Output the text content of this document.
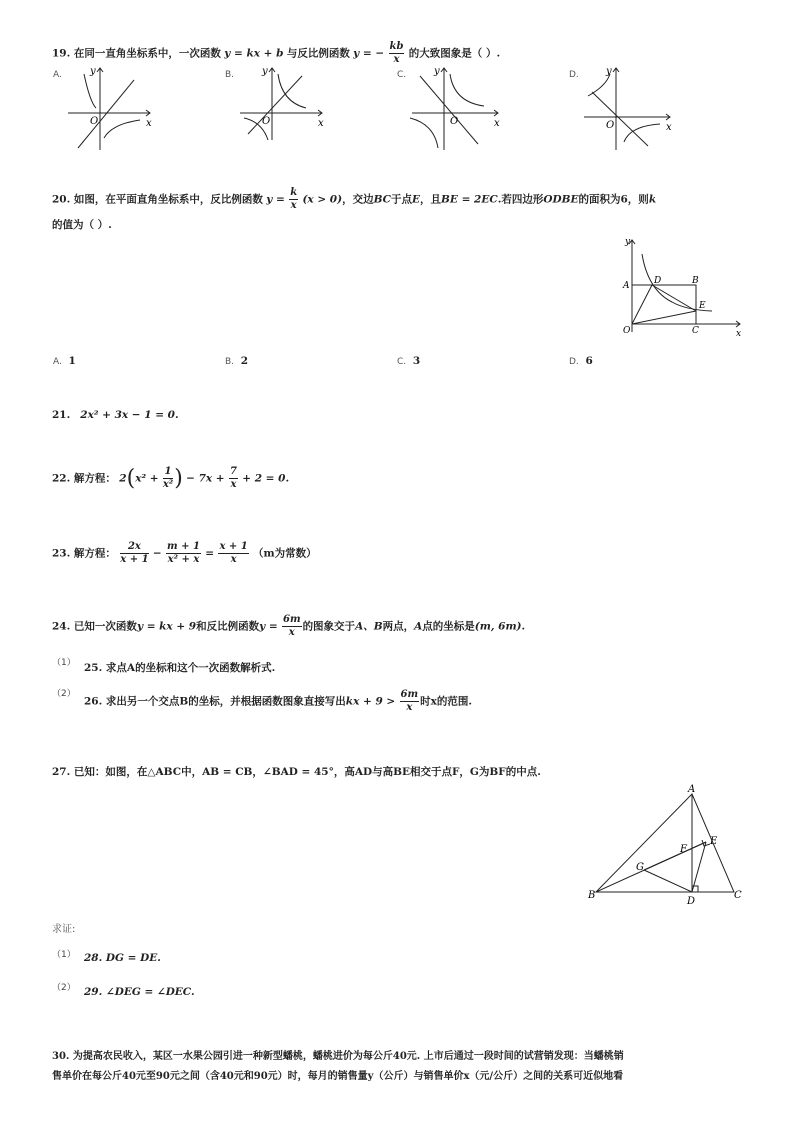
19. 在同一直角坐标系中，一次函数 y = kx + b 与反比例函数 y = − $\frac{kb}{x}$ 的大致图象是（ ）.
A.	B.	C.	D.
y
x
O
y
x
O
y
x
O
y
x
O
20. 如图，在平面直角坐标系中，反比例函数 $y = \frac{k}{x} (x > 0)$，交边BC于点E，且BE = 2EC.若四边形ODBE的面积为6，则k
的值为（ ）.
y
x
A	B
D
E
C
O
A. 1	B. 2	C. 3	D. 6
21. 2x² + 3x − 1 = 0.
22. 解方程： $2(x^2 + \frac{1}{\text{x²}}$ ) − $7x + \frac{7}{x} + 2 = 0$.
23. 解方程： $\frac{2x}{x + 1} - \frac{m + 1}{\text{x² + x}} = \frac{x + 1}{x} (m$为常数）
24. 已知一次函数y = kx + 9和反比例函数$y = \frac{6m}{x}$ 的图象交于A、B两点，A点的坐标是(m, 6m).
（1） 25. 求点A的坐标和这个一次函数解析式.
（2）
26. 求出另一个交点B的坐标，并根据函数图象直接写出kx + $9 > \frac{6m}{x}$ 时x的范围.
27. 已知：如图，在△ABC中，AB = CB，∠BAD = 45°，高AD与高BE相交于点F，G为BF的中点.
A
B	C
D
E
F
G
求证:
（1） 28. DG = DE.
（2） 29. ∠DEG = ∠DEC.
30. 为提高农民收入，某区一水果公园引进一种新型蟠桃，蟠桃进价为每公斤40元. 上市后通过一段时间的试营销发现：当蟠桃销
售单价在每公斤40元至90元之间（含40元和90元）时，每月的销售量y（公斤）与销售单价x（元/公斤）之间的关系可近似地看
